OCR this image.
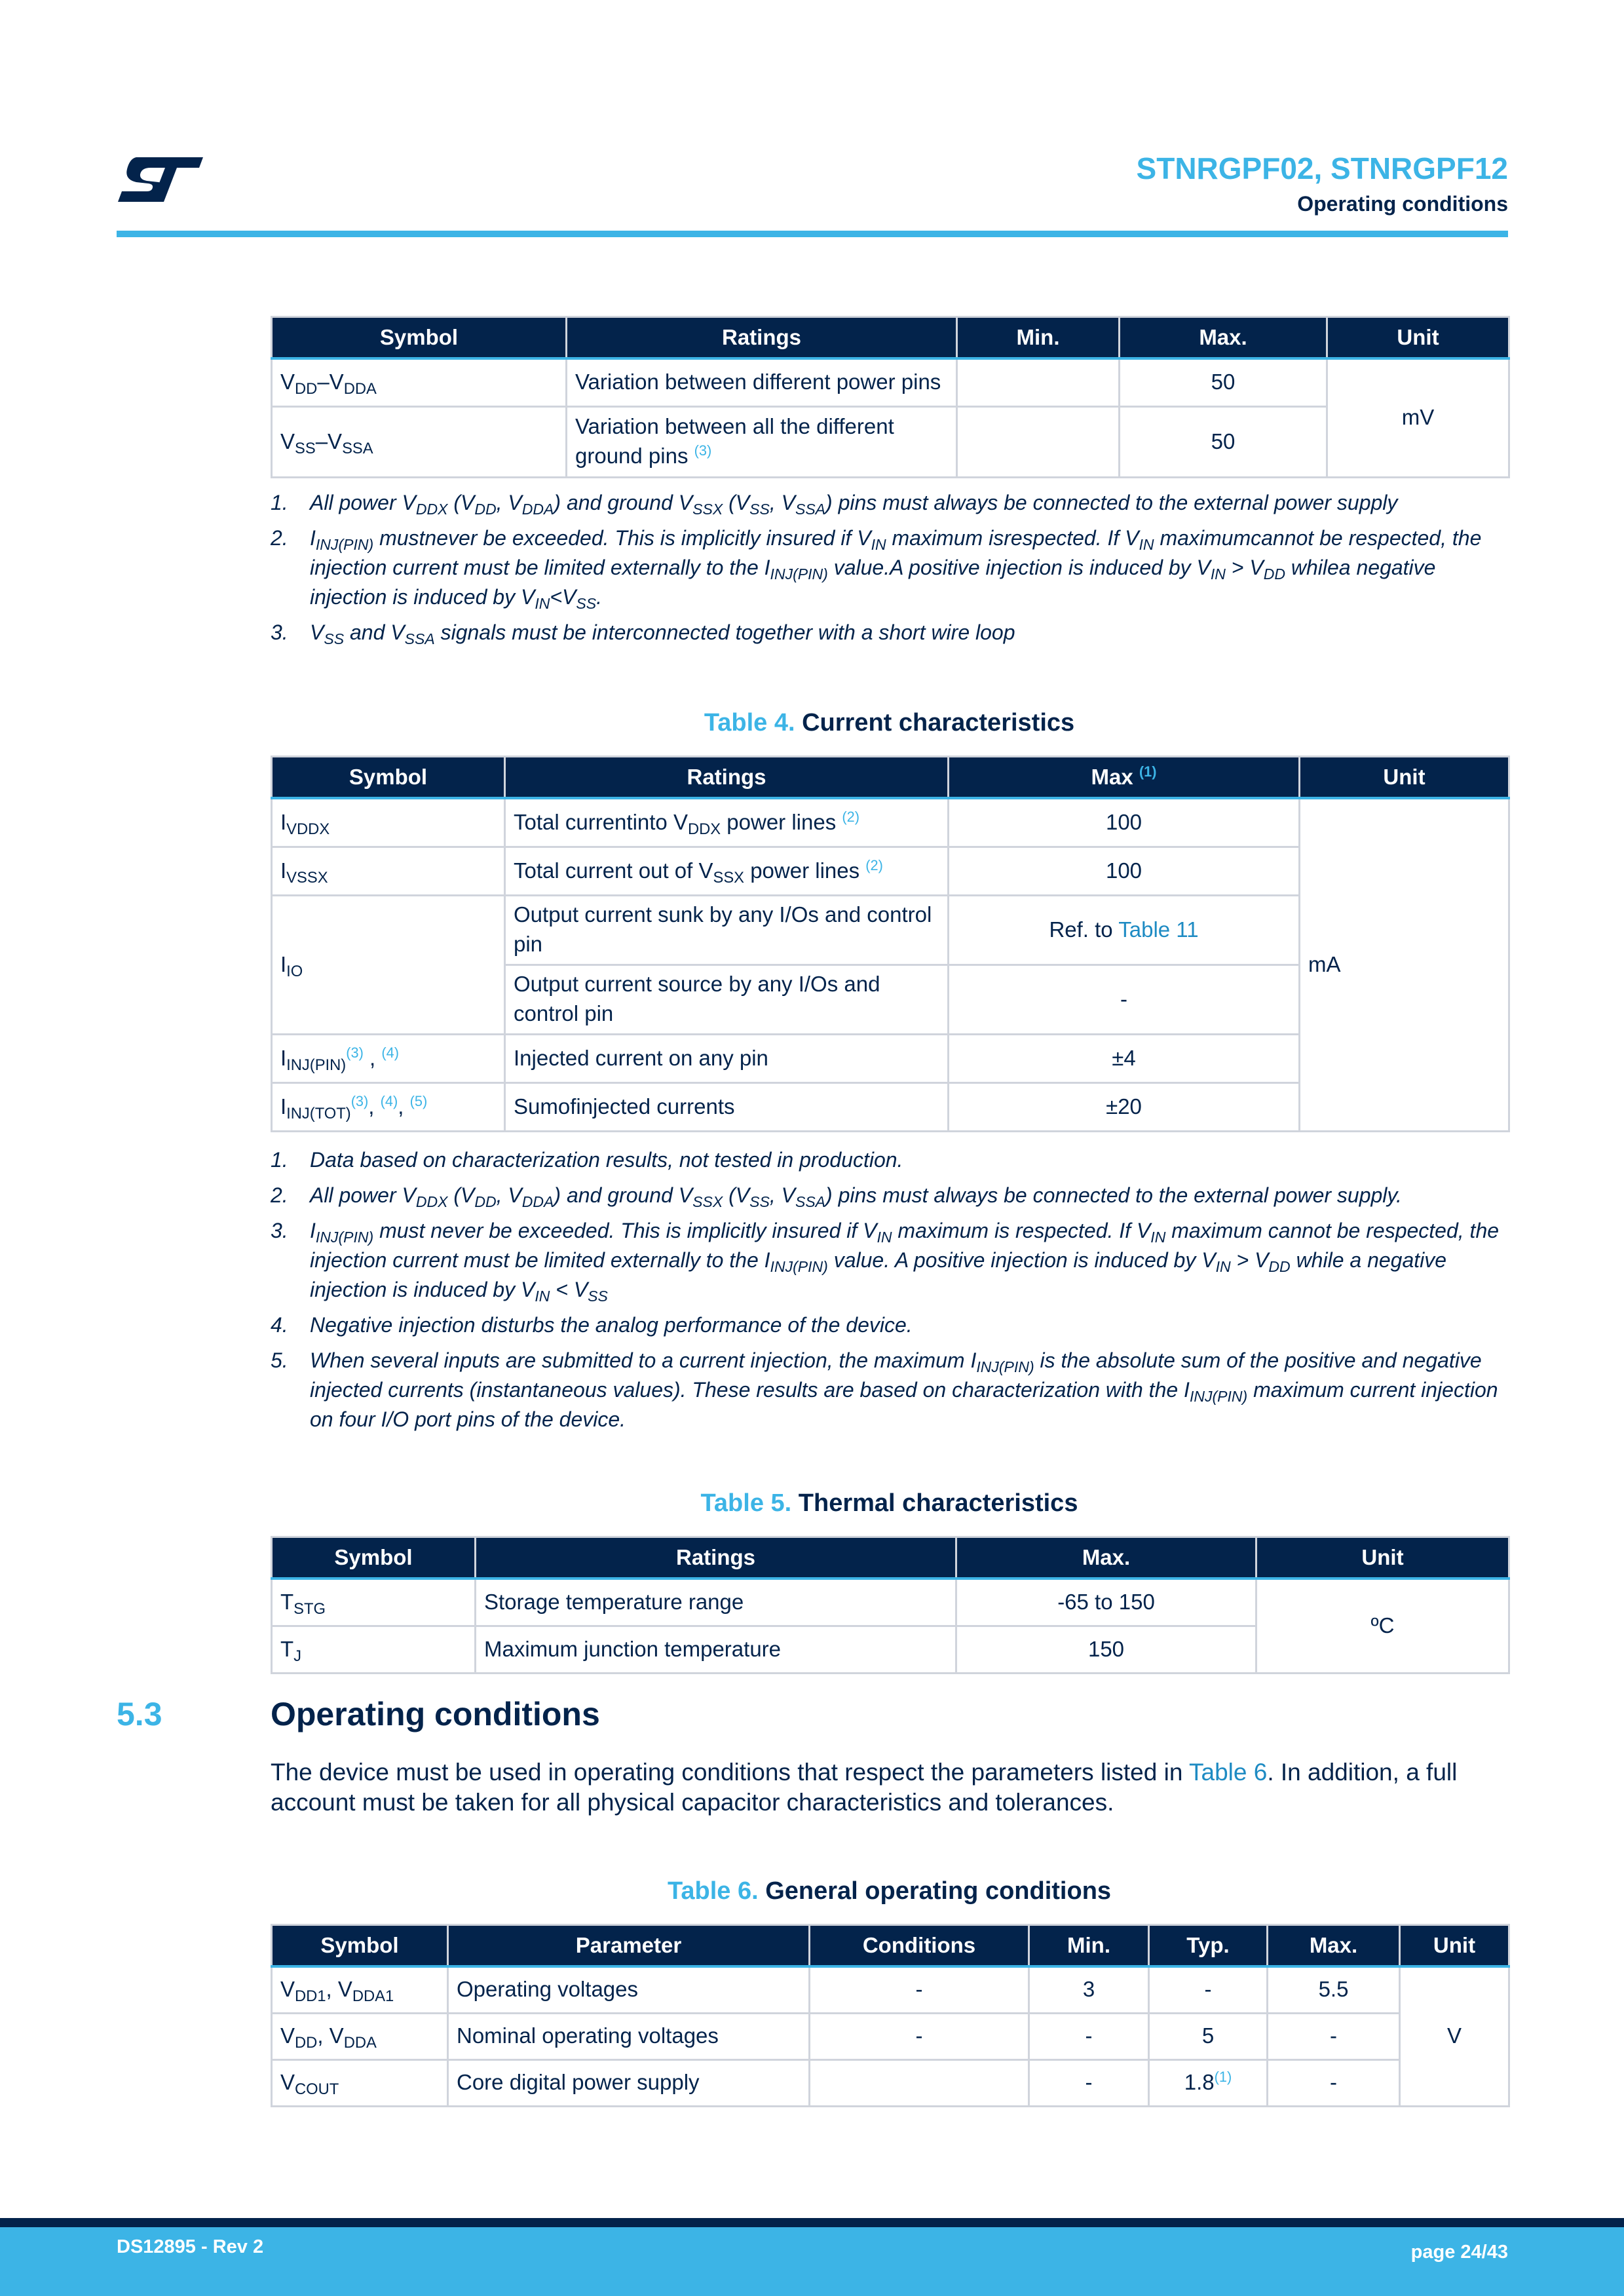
STNRGPF02, STNRGPF12
Operating conditions
Symbol	Ratings	Min.	Max.	Unit
$V_{DD}-V_{DDA}$	Variation between different power pins		50	mV
$V_{SS}-V_{SSA}$	Variation between all the different ground pins $^{(3)}$		50	
1. All power $V_{DDX}$ ($V_{DD}$, $V_{DDA}$) and ground $V_{SSX}$ ($V_{SS}$, $V_{SSA}$) pins must always be connected to the external power supply
2. $I_{INJ(PIN)}$ mustnever be exceeded. This is implicitly insured if $V_{IN}$ maximum isrespected. If $V_{IN}$ maximumcannot be respected, the injection current must be limited externally to the $I_{INJ(PIN)}$ value.A positive injection is induced by $V_{IN} > V_{DD}$ whilea negative injection is induced by $V_{IN}<V_{SS}$.
3. $V_{SS}$ and $V_{SSA}$ signals must be interconnected together with a short wire loop
Table 4. Current characteristics
Symbol	Ratings	Max $^{(1)}$	Unit
$I_{VDDX}$	Total currentinto $V_{DDX}$ power lines $^{(2)}$	100	mA
$I_{VSSX}$	Total current out of $V_{SSX}$ power lines $^{(2)}$	100	
$I_{IO}$	Output current sunk by any I/Os and control pin	Ref. to Table 11	
	Output current source by any I/Os and control pin	-	
$I_{INJ(PIN)}^{(3)}$ , $^{(4)}$	Injected current on any pin	±4	
$I_{INJ(TOT)}^{(3)}$, $^{(4)}$, $^{(5)}$	Sumofinjected currents	±20	
1. Data based on characterization results, not tested in production.
2. All power $V_{DDX}$ ($V_{DD}$, $V_{DDA}$) and ground $V_{SSX}$ ($V_{SS}$, $V_{SSA}$) pins must always be connected to the external power supply.
3. $I_{INJ(PIN)}$ must never be exceeded. This is implicitly insured if $V_{IN}$ maximum is respected. If $V_{IN}$ maximum cannot be respected, the injection current must be limited externally to the $I_{INJ(PIN)}$ value. A positive injection is induced by $V_{IN} > V_{DD}$ while a negative injection is induced by $V_{IN} < V_{SS}$
4. Negative injection disturbs the analog performance of the device.
5. When several inputs are submitted to a current injection, the maximum $I_{INJ(PIN)}$ is the absolute sum of the positive and negative injected currents (instantaneous values). These results are based on characterization with the $I_{INJ(PIN)}$ maximum current injection on four I/O port pins of the device.
Table 5. Thermal characteristics
Symbol	Ratings	Max.	Unit
$T_{STG}$	Storage temperature range	-65 to 150	ºC
$T_J$	Maximum junction temperature	150	
5.3	Operating conditions

The device must be used in operating conditions that respect the parameters listed in Table 6. In addition, a full account must be taken for all physical capacitor characteristics and tolerances.

Table 6. General operating conditions
Symbol	Parameter	Conditions	Min.	Typ.	Max.	Unit
$V_{DD1}$, $V_{DDA1}$	Operating voltages	-	3	-	5.5	V
$V_{DD}$, $V_{DDA}$	Nominal operating voltages	-	-	5	-	
$V_{COUT}$	Core digital power supply		-	1.8$^{(1)}$	-	
DS12895 - Rev 2	page 24/43
